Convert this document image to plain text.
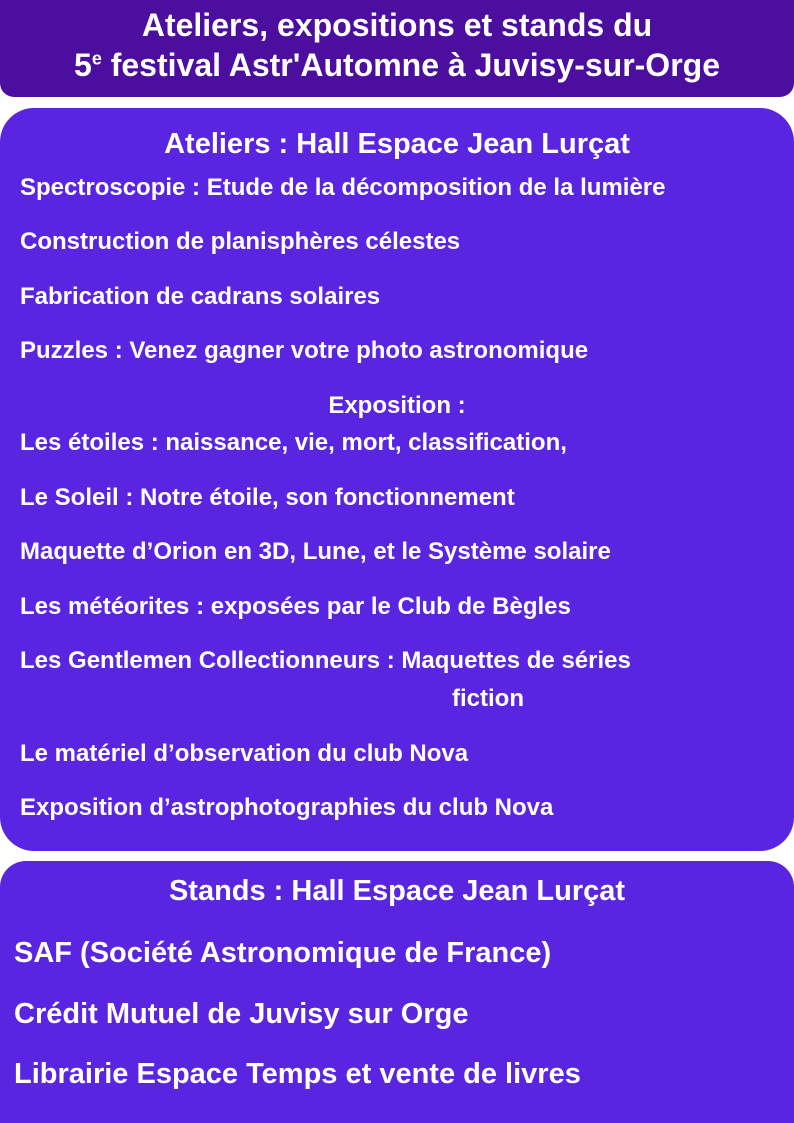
Ateliers, expositions et stands du
5e festival Astr'Automne à Juvisy-sur-Orge
Ateliers : Hall Espace Jean Lurçat
Spectroscopie : Etude de la décomposition de la lumière
Construction de planisphères célestes
Fabrication de cadrans solaires
Puzzles : Venez gagner votre photo astronomique
Exposition :
Les étoiles : naissance, vie, mort, classification,
Le Soleil : Notre étoile, son fonctionnement
Maquette d’Orion en 3D, Lune, et le Système solaire
Les météorites : exposées par le Club de Bègles
Les Gentlemen Collectionneurs : Maquettes de séries
fiction
Le matériel d’observation du club Nova
Exposition d’astrophotographies du club Nova
Stands : Hall Espace Jean Lurçat
SAF (Société Astronomique de France)
Crédit Mutuel de Juvisy sur Orge
Librairie Espace Temps et vente de livres
